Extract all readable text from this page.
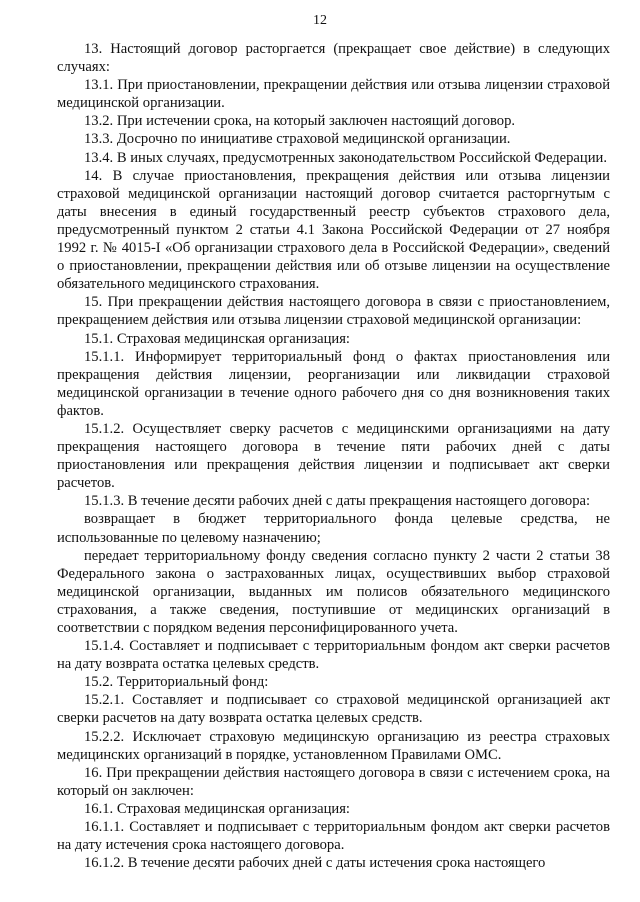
12

13. Настоящий договор расторгается (прекращает свое действие) в следующих случаях:

13.1. При приостановлении, прекращении действия или отзыва лицензии страховой медицинской организации.

13.2. При истечении срока, на который заключен настоящий договор.

13.3. Досрочно по инициативе страховой медицинской организации.

13.4. В иных случаях, предусмотренных законодательством Российской Федерации.

14. В случае приостановления, прекращения действия или отзыва лицензии страховой медицинской организации настоящий договор считается расторгнутым с даты внесения в единый государственный реестр субъектов страхового дела, предусмотренный пунктом 2 статьи 4.1 Закона Российской Федерации от 27 ноября 1992 г. № 4015-I «Об организации страхового дела в Российской Федерации», сведений о приостановлении, прекращении действия или об отзыве лицензии на осуществление обязательного медицинского страхования.

15. При прекращении действия настоящего договора в связи с приостановлением, прекращением действия или отзыва лицензии страховой медицинской организации:

15.1. Страховая медицинская организация:

15.1.1. Информирует территориальный фонд о фактах приостановления или прекращения действия лицензии, реорганизации или ликвидации страховой медицинской организации в течение одного рабочего дня со дня возникновения таких фактов.

15.1.2. Осуществляет сверку расчетов с медицинскими организациями на дату прекращения настоящего договора в течение пяти рабочих дней с даты приостановления или прекращения действия лицензии и подписывает акт сверки расчетов.

15.1.3. В течение десяти рабочих дней с даты прекращения настоящего договора:

возвращает в бюджет территориального фонда целевые средства, не использованные по целевому назначению;

передает территориальному фонду сведения согласно пункту 2 части 2 статьи 38 Федерального закона о застрахованных лицах, осуществивших выбор страховой медицинской организации, выданных им полисов обязательного медицинского страхования, а также сведения, поступившие от медицинских организаций в соответствии с порядком ведения персонифицированного учета.

15.1.4. Составляет и подписывает с территориальным фондом акт сверки расчетов на дату возврата остатка целевых средств.

15.2. Территориальный фонд:

15.2.1. Составляет и подписывает со страховой медицинской организацией акт сверки расчетов на дату возврата остатка целевых средств.

15.2.2. Исключает страховую медицинскую организацию из реестра страховых медицинских организаций в порядке, установленном Правилами ОМС.

16. При прекращении действия настоящего договора в связи с истечением срока, на который он заключен:

16.1. Страховая медицинская организация:

16.1.1. Составляет и подписывает с территориальным фондом акт сверки расчетов на дату истечения срока настоящего договора.

16.1.2. В течение десяти рабочих дней с даты истечения срока настоящего
